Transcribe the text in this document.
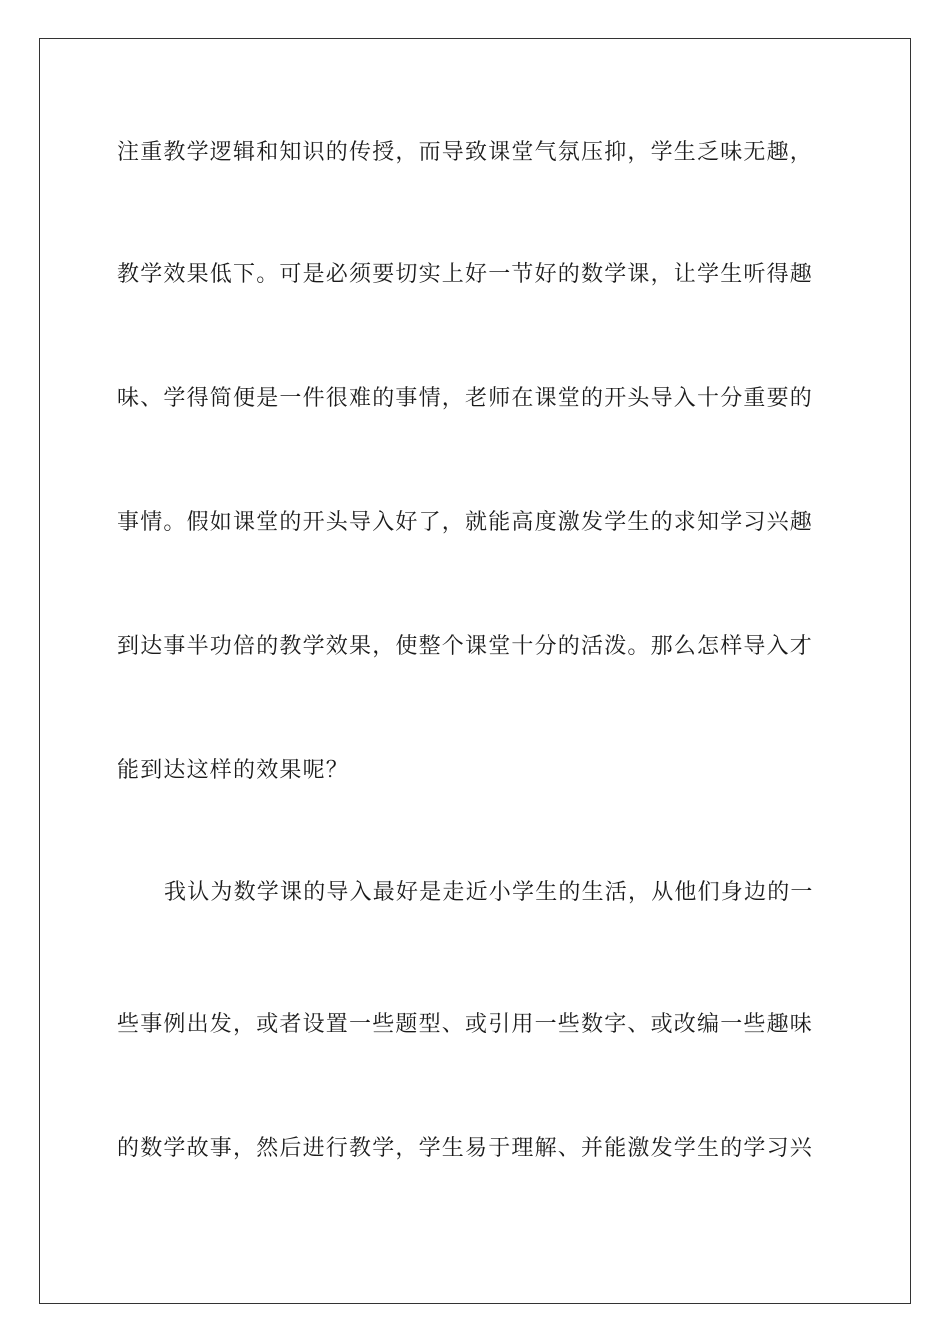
注重教学逻辑和知识的传授，而导致课堂气氛压抑，学生乏味无趣，
教学效果低下。可是必须要切实上好一节好的数学课，让学生听得趣
味、学得简便是一件很难的事情，老师在课堂的开头导入十分重要的
事情。假如课堂的开头导入好了，就能高度激发学生的求知学习兴趣
到达事半功倍的教学效果，使整个课堂十分的活泼。那么怎样导入才
能到达这样的效果呢？
我认为数学课的导入最好是走近小学生的生活，从他们身边的一
些事例出发，或者设置一些题型、或引用一些数字、或改编一些趣味
的数学故事，然后进行教学，学生易于理解、并能激发学生的学习兴
